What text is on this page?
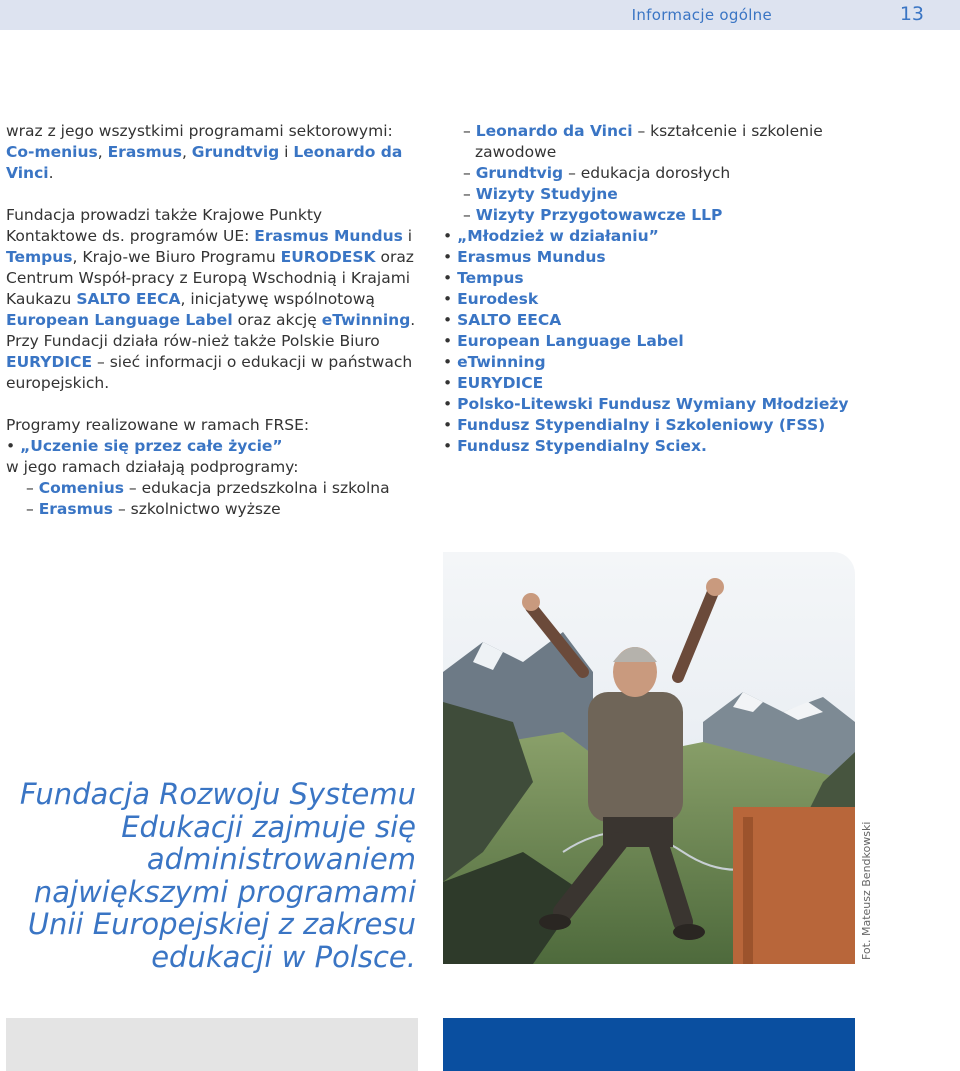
Informacje ogólne	13

wraz z jego wszystkimi programami sektorowymi: Co-menius, Erasmus, Grundtvig i Leonardo da Vinci.

Fundacja prowadzi także Krajowe Punkty Kontaktowe ds. programów UE: Erasmus Mundus i Tempus, Krajo-we Biuro Programu EURODESK oraz Centrum Współ-pracy z Europą Wschodnią i Krajami Kaukazu SALTO EECA, inicjatywę wspólnotową European Language Label oraz akcję eTwinning. Przy Fundacji działa rów-nież także Polskie Biuro EURYDICE – sieć informacji o edukacji w państwach europejskich.

Programy realizowane w ramach FRSE:
• „Uczenie się przez całe życie”
w jego ramach działają podprogramy:
– Comenius – edukacja przedszkolna i szkolna
– Erasmus – szkolnictwo wyższe
– Leonardo da Vinci – kształcenie i szkolenie
zawodowe
– Grundtvig – edukacja dorosłych
– Wizyty Studyjne
– Wizyty Przygotowawcze LLP
• „Młodzież w działaniu”
• Erasmus Mundus
• Tempus
• Eurodesk
• SALTO EECA
• European Language Label
• eTwinning
• EURYDICE
• Polsko-Litewski Fundusz Wymiany Młodzieży
• Fundusz Stypendialny i Szkoleniowy (FSS)
• Fundusz Stypendialny Sciex.
Fot. Mateusz Bendkowski
Fundacja Rozwoju Systemu Edukacji zajmuje się administrowaniem największymi programami Unii Europejskiej z zakresu edukacji w Polsce.
